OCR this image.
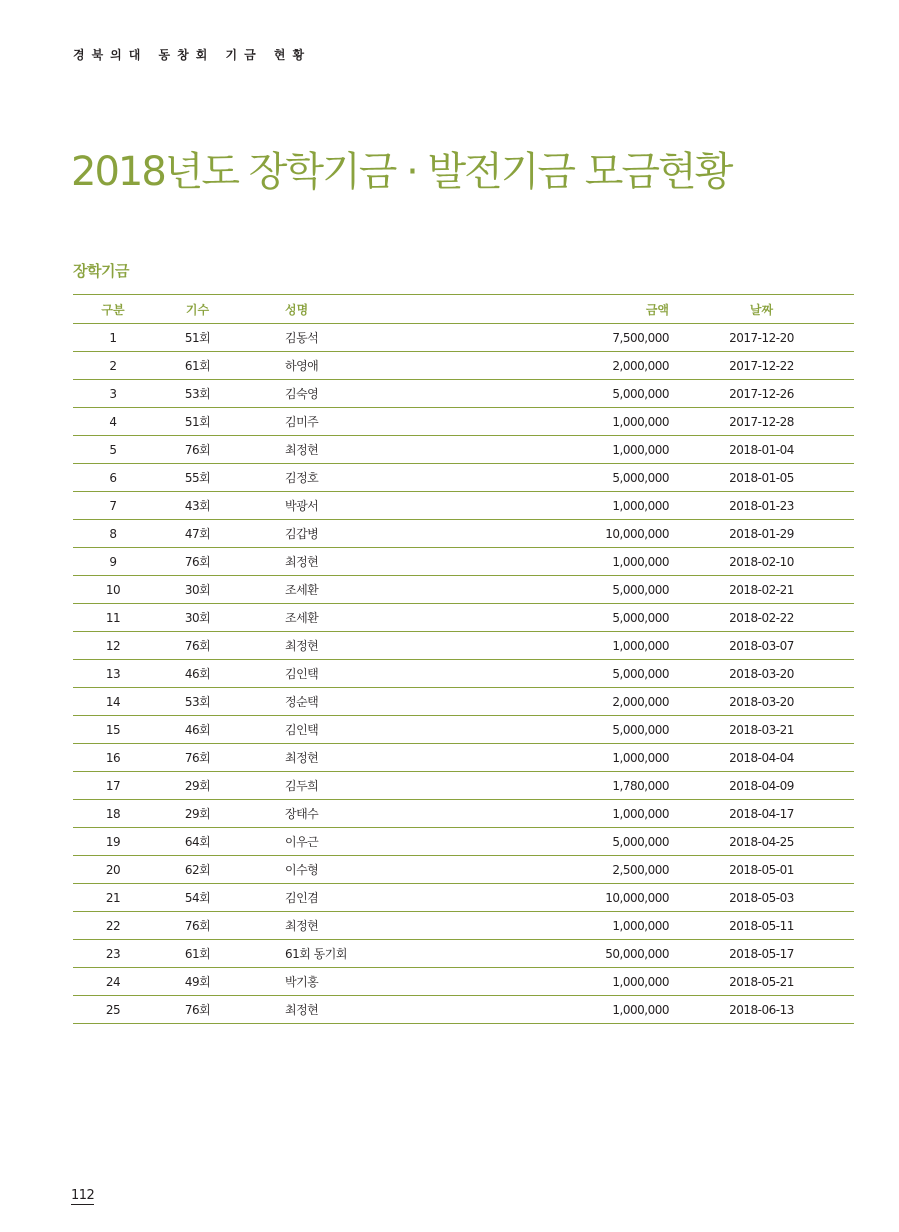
경북의대 동창회 기금 현황
2018년도 장학기금 · 발전기금 모금현황
장학기금
구분	기수	성명	금액	날짜
1	51회	김동석	7,500,000	2017-12-20
2	61회	하영애	2,000,000	2017-12-22
3	53회	김숙영	5,000,000	2017-12-26
4	51회	김미주	1,000,000	2017-12-28
5	76회	최정현	1,000,000	2018-01-04
6	55회	김정호	5,000,000	2018-01-05
7	43회	박광서	1,000,000	2018-01-23
8	47회	김갑병	10,000,000	2018-01-29
9	76회	최정현	1,000,000	2018-02-10
10	30회	조세환	5,000,000	2018-02-21
11	30회	조세환	5,000,000	2018-02-22
12	76회	최정현	1,000,000	2018-03-07
13	46회	김인택	5,000,000	2018-03-20
14	53회	정순택	2,000,000	2018-03-20
15	46회	김인택	5,000,000	2018-03-21
16	76회	최정현	1,000,000	2018-04-04
17	29회	김두희	1,780,000	2018-04-09
18	29회	장태수	1,000,000	2018-04-17
19	64회	이우근	5,000,000	2018-04-25
20	62회	이수형	2,500,000	2018-05-01
21	54회	김인겸	10,000,000	2018-05-03
22	76회	최정현	1,000,000	2018-05-11
23	61회	61회 동기회	50,000,000	2018-05-17
24	49회	박기홍	1,000,000	2018-05-21
25	76회	최정현	1,000,000	2018-06-13
112
